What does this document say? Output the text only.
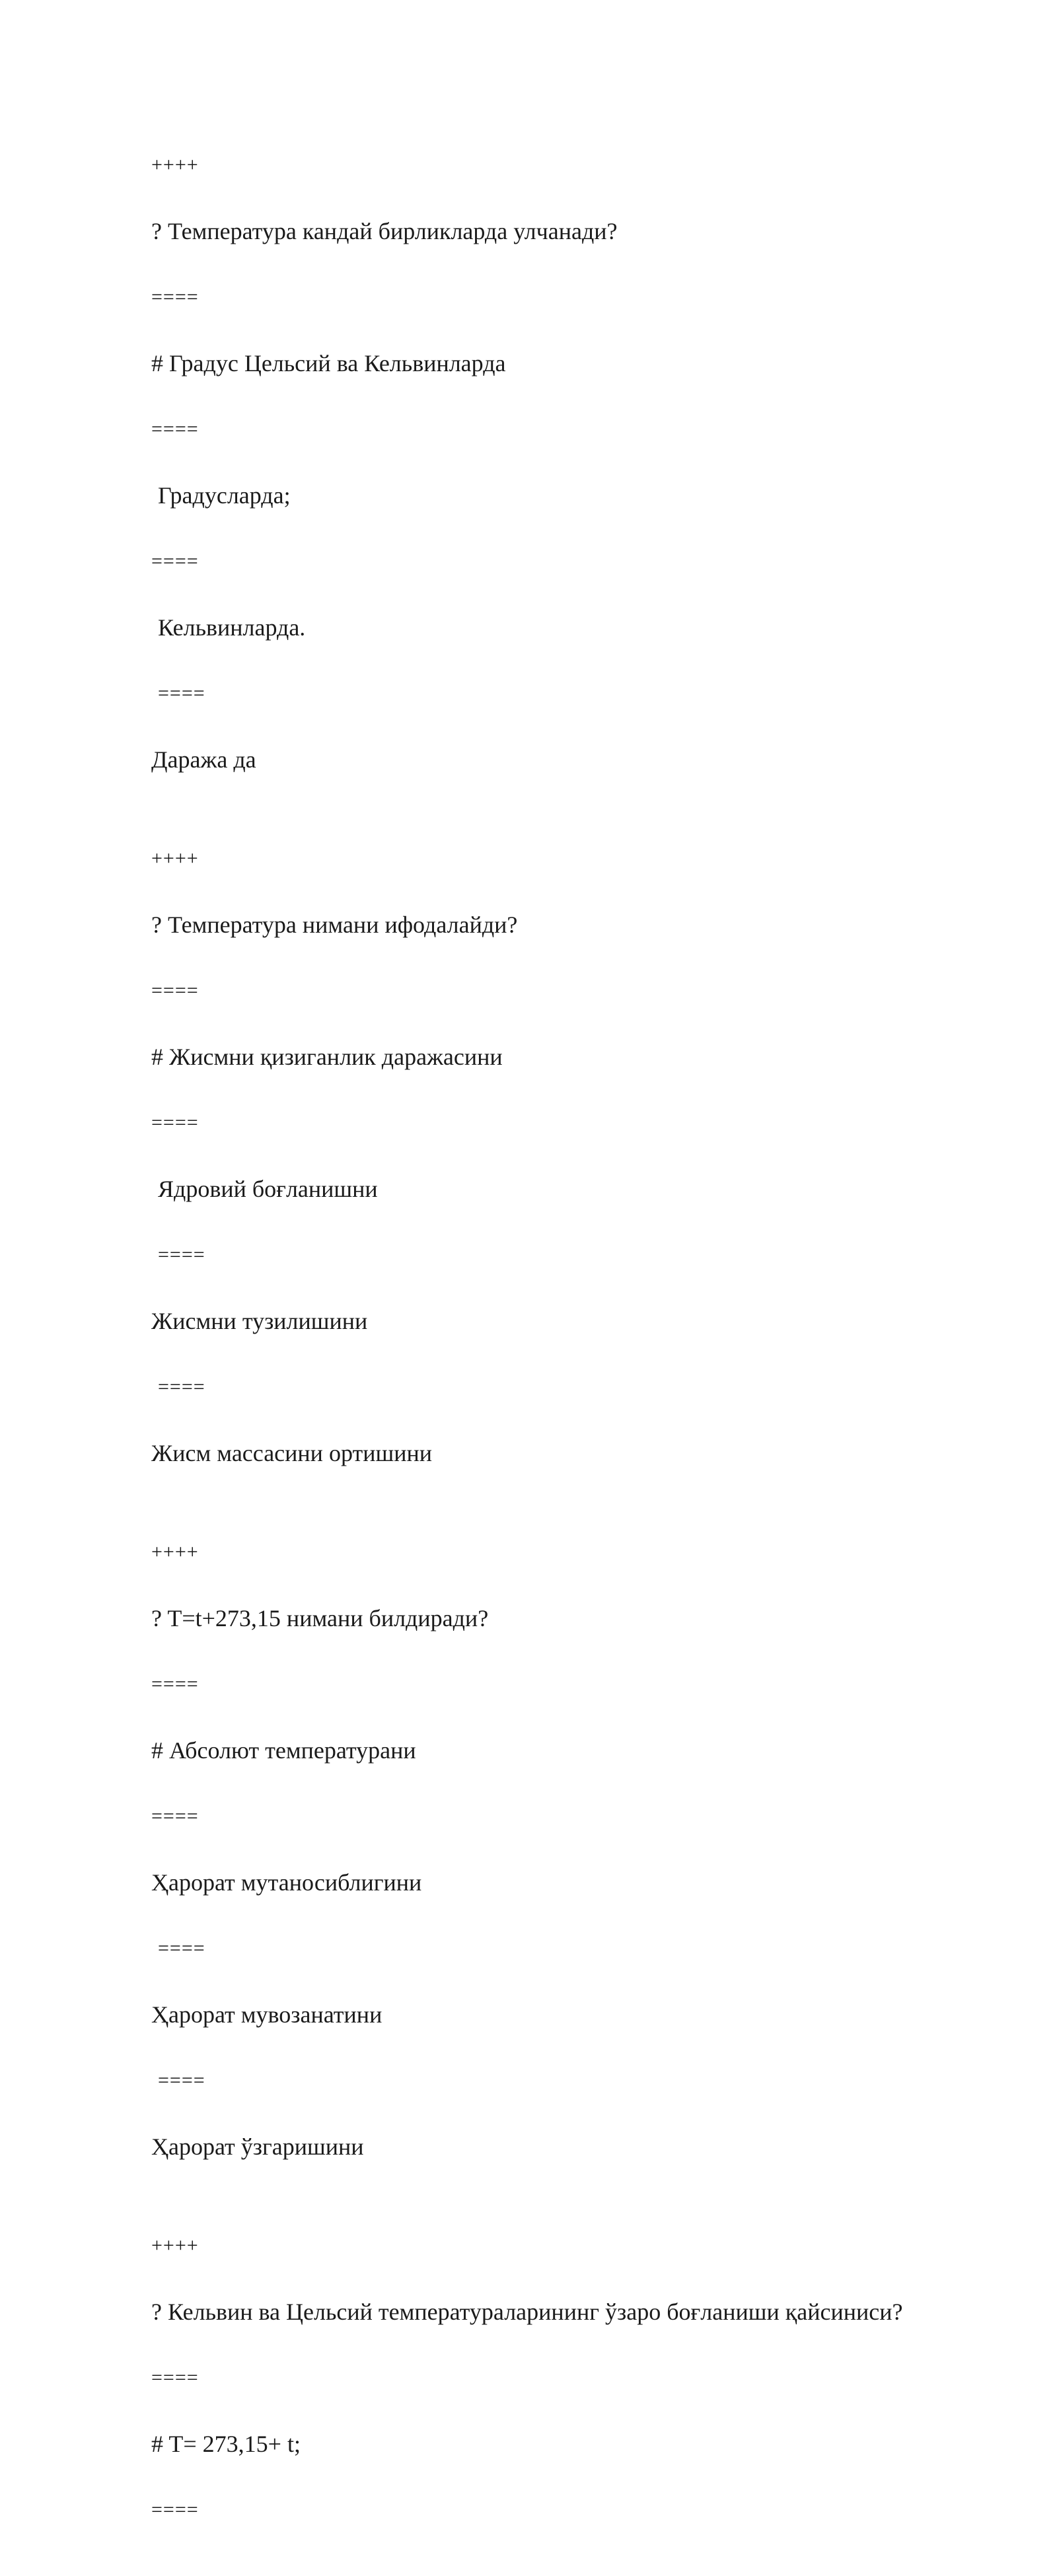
++++
? Температура кандай бирликларда улчанади?
====
# Градус Цельсий ва Кельвинларда
====
Градусларда;
====
Кельвинларда.
====
Даража да
++++
? Температура нимани ифодалайди?
====
# Жисмни қизиганлик даражасини
====
Ядровий боғланишни
====
Жисмни тузилишини
====
Жисм массасини ортишини
++++
? T=t+273,15 нимани билдиради?
====
# Абсолют температурани
====
Ҳарорат мутаносиблигини
====
Ҳарорат мувозанатини
====
Ҳарорат ўзгаришини
++++
? Кельвин ва Цельсий температураларининг ўзаро боғланиши қайсиниси?
====
# T= 273,15+ t;
====
